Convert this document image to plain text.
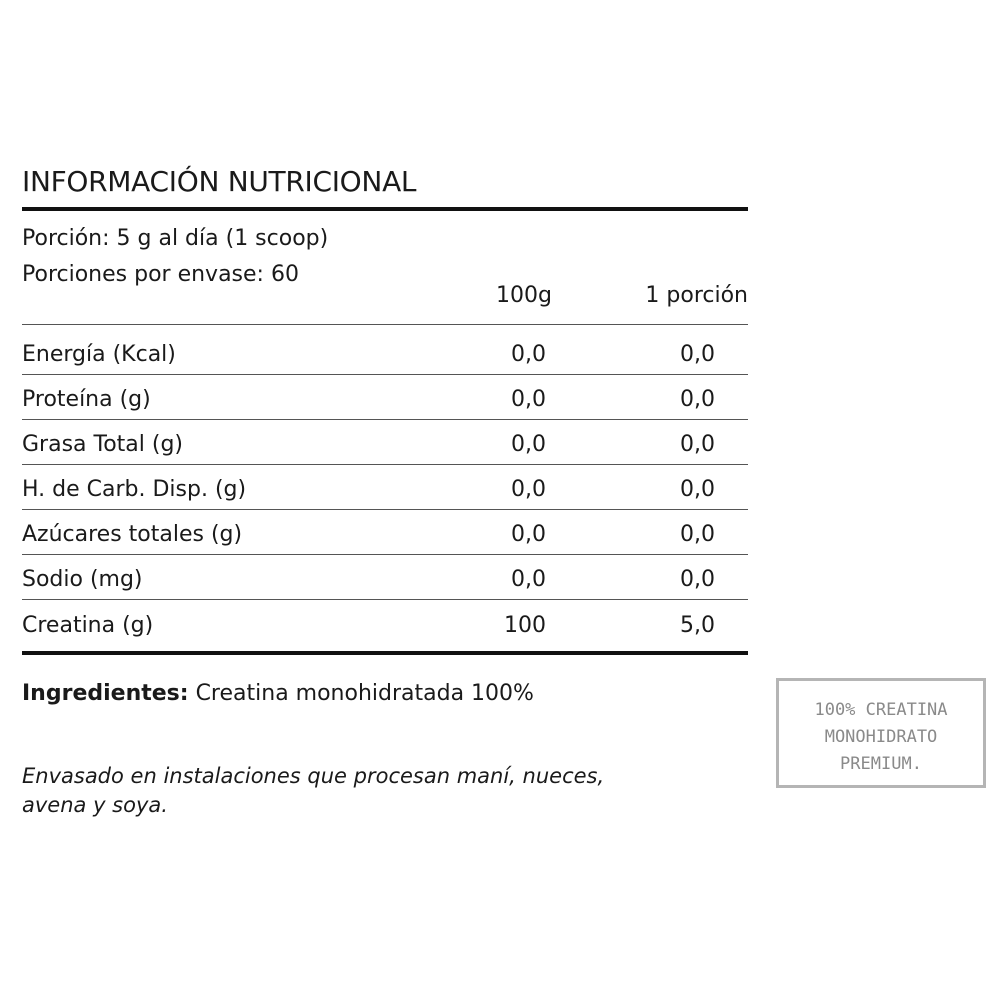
INFORMACIÓN NUTRICIONAL
Porción: 5 g al día (1 scoop)
Porciones por envase: 60
100g	1 porción
Energía (Kcal)	0,0	0,0
Proteína (g)	0,0	0,0
Grasa Total (g)	0,0	0,0
H. de Carb. Disp. (g)	0,0	0,0
Azúcares totales (g)	0,0	0,0
Sodio (mg)	0,0	0,0
Creatina (g)	100	5,0
Ingredientes: Creatina monohidratada 100%
Envasado en instalaciones que procesan maní, nueces, avena y soya.
100% CREATINA
MONOHIDRATO
PREMIUM.
